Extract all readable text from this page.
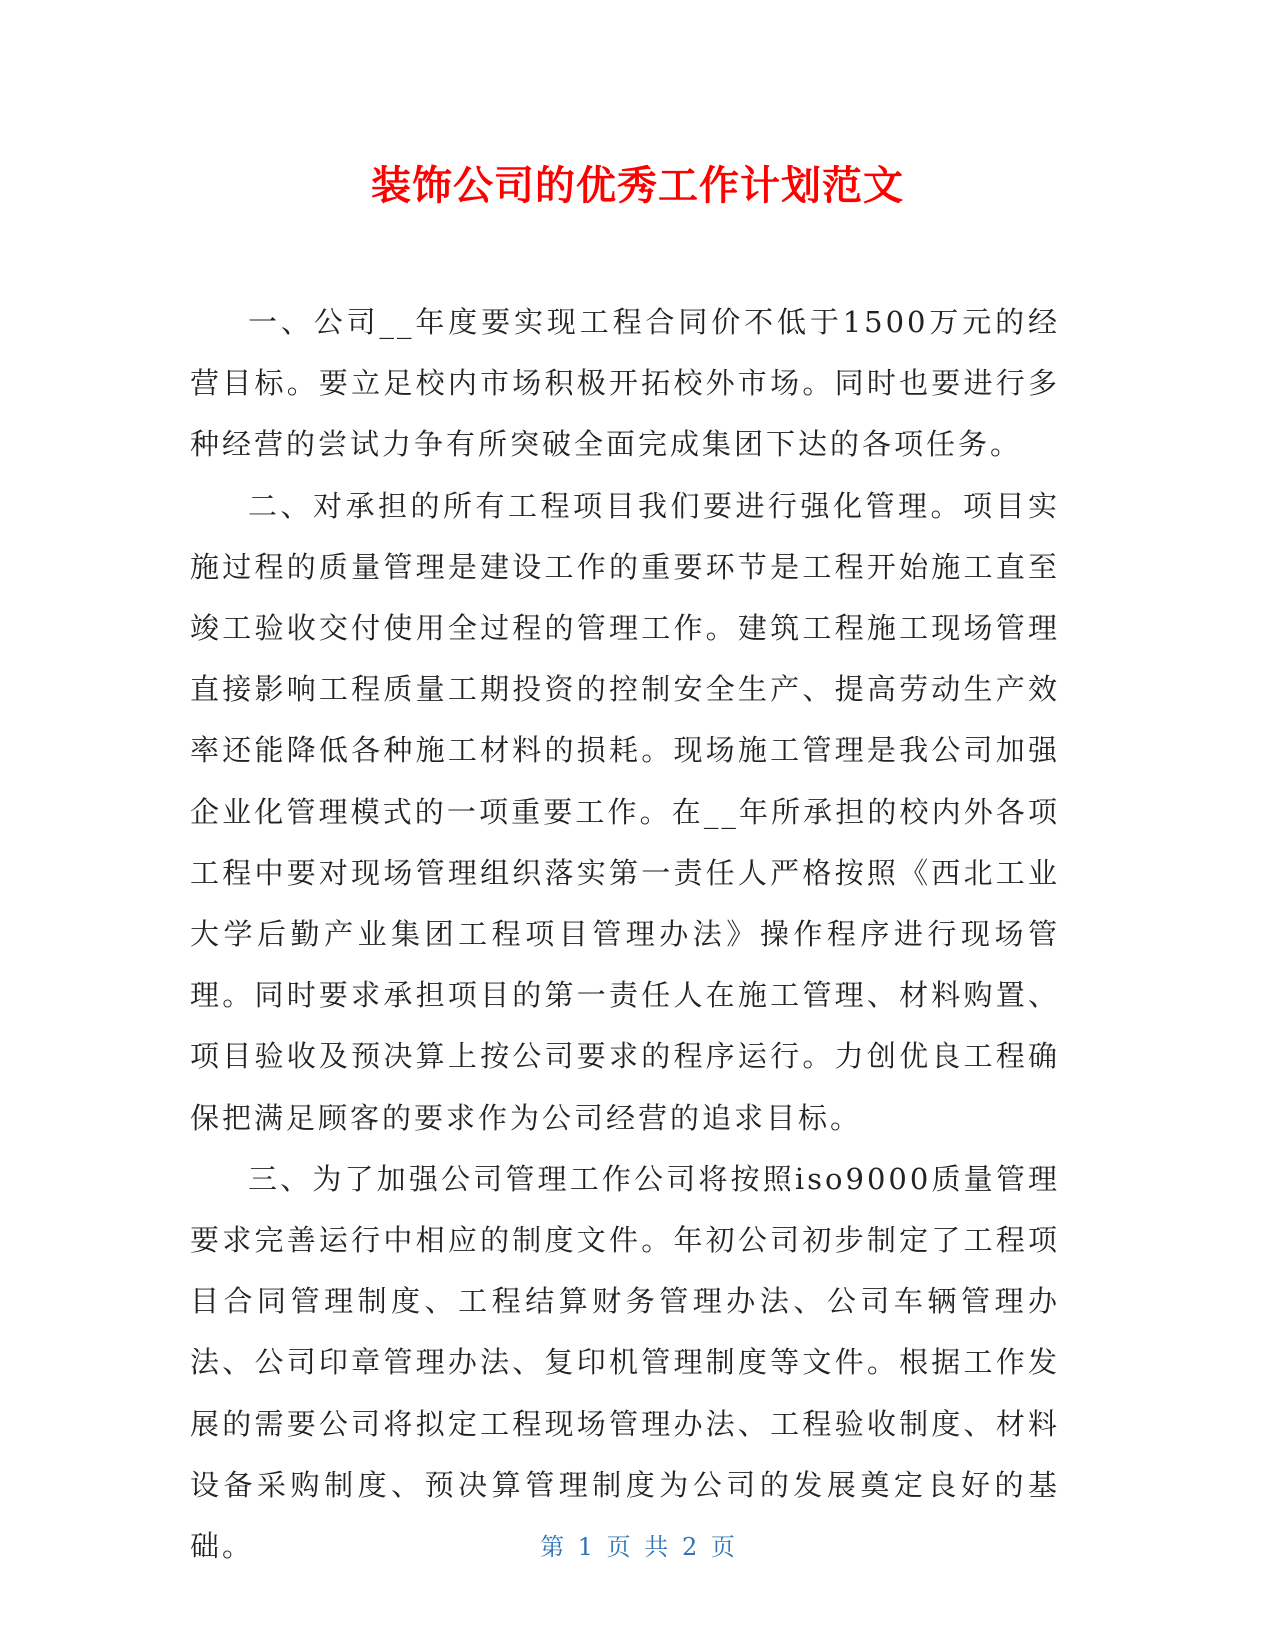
装饰公司的优秀工作计划范文

一、公司__年度要实现工程合同价不低于1500万元的经营目标。要立足校内市场积极开拓校外市场。同时也要进行多种经营的尝试力争有所突破全面完成集团下达的各项任务。

二、对承担的所有工程项目我们要进行强化管理。项目实施过程的质量管理是建设工作的重要环节是工程开始施工直至竣工验收交付使用全过程的管理工作。建筑工程施工现场管理直接影响工程质量工期投资的控制安全生产、提高劳动生产效率还能降低各种施工材料的损耗。现场施工管理是我公司加强企业化管理模式的一项重要工作。在__年所承担的校内外各项工程中要对现场管理组织落实第一责任人严格按照《西北工业大学后勤产业集团工程项目管理办法》操作程序进行现场管理。同时要求承担项目的第一责任人在施工管理、材料购置、项目验收及预决算上按公司要求的程序运行。力创优良工程确保把满足顾客的要求作为公司经营的追求目标。

三、为了加强公司管理工作公司将按照iso9000质量管理要求完善运行中相应的制度文件。年初公司初步制定了工程项目合同管理制度、工程结算财务管理办法、公司车辆管理办法、公司印章管理办法、复印机管理制度等文件。根据工作发展的需要公司将拟定工程现场管理办法、工程验收制度、材料设备采购制度、预决算管理制度为公司的发展奠定良好的基础。	第 1 页 共 2 页
